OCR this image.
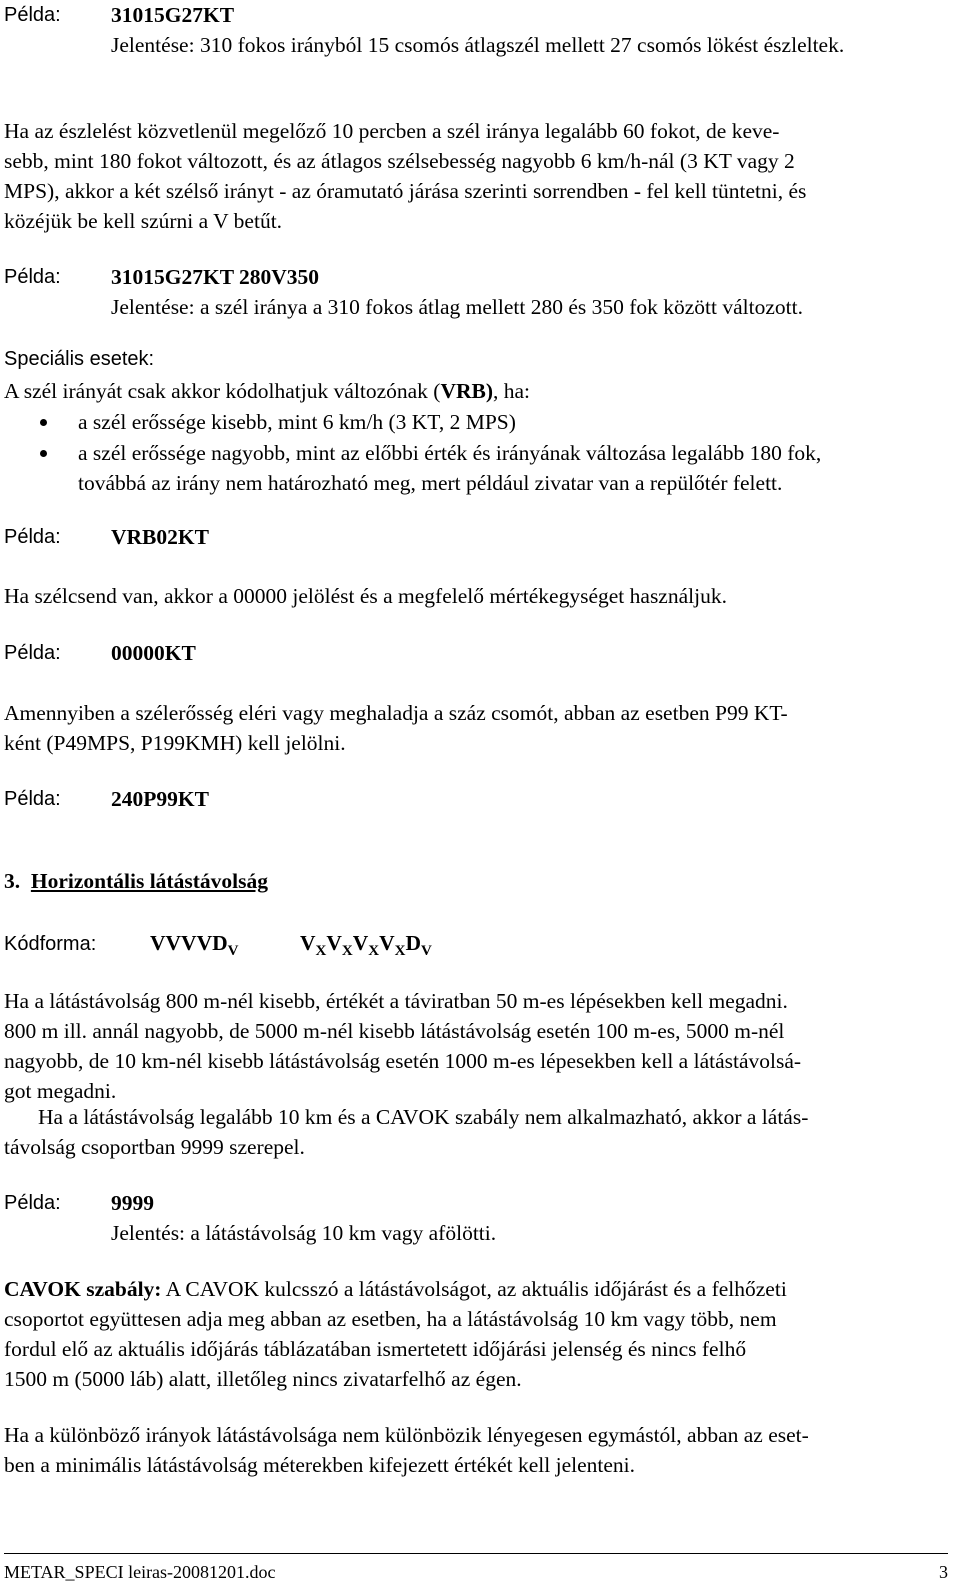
Példa: 31015G27KT
Jelentése: 310 fokos irányból 15 csomós átlagszél mellett 27 csomós lökést észleltek.
Ha az észlelést közvetlenül megelőző 10 percben a szél iránya legalább 60 fokot, de keve-
sebb, mint 180 fokot változott, és az átlagos szélsebesség nagyobb 6 km/h-nál (3 KT vagy 2
MPS), akkor a két szélső irányt - az óramutató járása szerinti sorrendben - fel kell tüntetni, és
közéjük be kell szúrni a V betűt.
Példa: 31015G27KT 280V350
Jelentése: a szél iránya a 310 fokos átlag mellett 280 és 350 fok között változott.
Speciális esetek:
A szél irányát csak akkor kódolhatjuk változónak (VRB), ha:
a szél erőssége kisebb, mint 6 km/h (3 KT, 2 MPS)
a szél erőssége nagyobb, mint az előbbi érték és irányának változása legalább 180 fok,
továbbá az irány nem határozható meg, mert például zivatar van a repülőtér felett.
Példa: VRB02KT
Ha szélcsend van, akkor a 00000 jelölést és a megfelelő mértékegységet használjuk.
Példa: 00000KT
Amennyiben a szélerősség eléri vagy meghaladja a száz csomót, abban az esetben P99 KT-
ként (P49MPS, P199KMH) kell jelölni.
Példa: 240P99KT
3. Horizontális látástávolság
Kódforma: $VVVVD_V$	$V_XV_XV_XV_XD_V$
Ha a látástávolság 800 m-nél kisebb, értékét a táviratban 50 m-es lépésekben kell megadni.
800 m ill. annál nagyobb, de 5000 m-nél kisebb látástávolság esetén 100 m-es, 5000 m-nél
nagyobb, de 10 km-nél kisebb látástávolság esetén 1000 m-es lépesekben kell a látástávolsá-
got megadni.
Ha a látástávolság legalább 10 km és a CAVOK szabály nem alkalmazható, akkor a látás-
távolság csoportban 9999 szerepel.
Példa: 9999
Jelentés: a látástávolság 10 km vagy afölötti.
CAVOK szabály: A CAVOK kulcsszó a látástávolságot, az aktuális időjárást és a felhőzeti
csoportot együttesen adja meg abban az esetben, ha a látástávolság 10 km vagy több, nem
fordul elő az aktuális időjárás táblázatában ismertetett időjárási jelenség és nincs felhő
1500 m (5000 láb) alatt, illetőleg nincs zivatarfelhő az égen.
Ha a különböző irányok látástávolsága nem különbözik lényegesen egymástól, abban az eset-
ben a minimális látástávolság méterekben kifejezett értékét kell jelenteni.
METAR_SPECI leiras-20081201.doc	3
